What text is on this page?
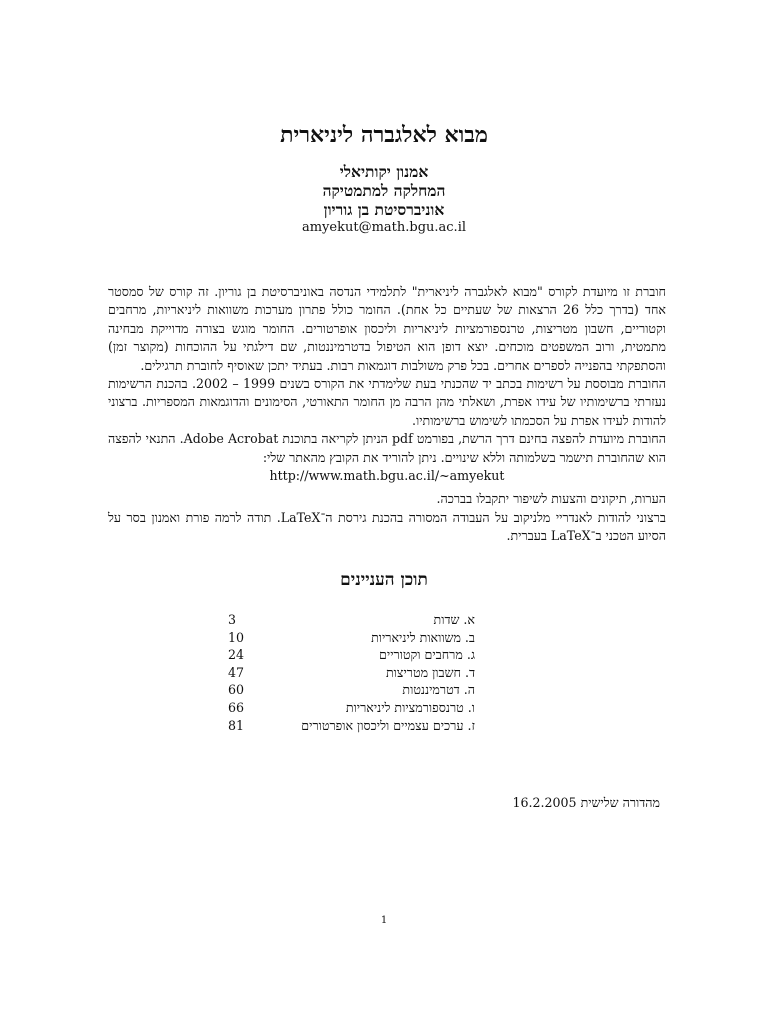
מבוא לאלגברה ליניארית
אמנון יקותיאלי
המחלקה למתמטיקה
אוניברסיטת בן גוריון
amyekut@math.bgu.ac.il

חוברת זו מיועדת לקורס "מבוא לאלגברה ליניארית" לתלמידי הנדסה באוניברסיטת בן גוריון. זה קורס של סמסטר אחד (בדרך כלל 26 הרצאות של שעתיים כל אחת). החומר כולל פתרון מערכות משוואות ליניאריות, מרחבים וקטוריים, חשבון מטריצות, טרנספורמציות ליניאריות וליכסון אופרטורים. החומר מוגש בצורה מדוייקת מבחינה מתמטית, ורוב המשפטים מוכחים. יוצא דופן הוא הטיפול בדטרמיננטות, שם דילגתי על ההוכחות (מקוצר זמן) והסתפקתי בהפנייה לספרים אחרים. בכל פרק משולבות דוגמאות רבות. בעתיד יתכן שאוסיף לחוברת תרגילים.

החוברת מבוססת על רשימות בכתב יד שהכנתי בעת שלימדתי את הקורס בשנים 1999 – 2002. בהכנת הרשימות נעזרתי ברשימותיו של עידו אפרת, ושאלתי מהן הרבה מן החומר התאורטי, הסימונים והדוגמאות המספריות. ברצוני להודות לעידו אפרת על הסכמתו לשימוש ברשימותיו.

החוברת מיועדת להפצה בחינם דרך הרשת, בפורמט pdf הניתן לקריאה בתוכנת Adobe Acrobat. התנאי להפצה הוא שהחוברת תישמר בשלמותה וללא שינויים. ניתן להוריד את הקובץ מהאתר שלי:

http://www.math.bgu.ac.il/~amyekut

הערות, תיקונים והצעות לשיפור יתקבלו בברכה.

ברצוני להודות לאנדריי מלניקוב על העבודה המסורה בהכנת גירסת ה־LaTeX. תודה לרמה פורת ואמנון בסר על הסיוע הטכני ב־LaTeX בעברית.

תוכן העניינים
3	א. שדות
10	ב. משוואות ליניאריות
24	ג. מרחבים וקטוריים
47	ד. חשבון מטריצות
60	ה. דטרמיננטות
66	ו. טרנספורמציות ליניאריות
81	ז. ערכים עצמיים וליכסון אופרטורים
מהדורה שלישית 16.2.2005
1
